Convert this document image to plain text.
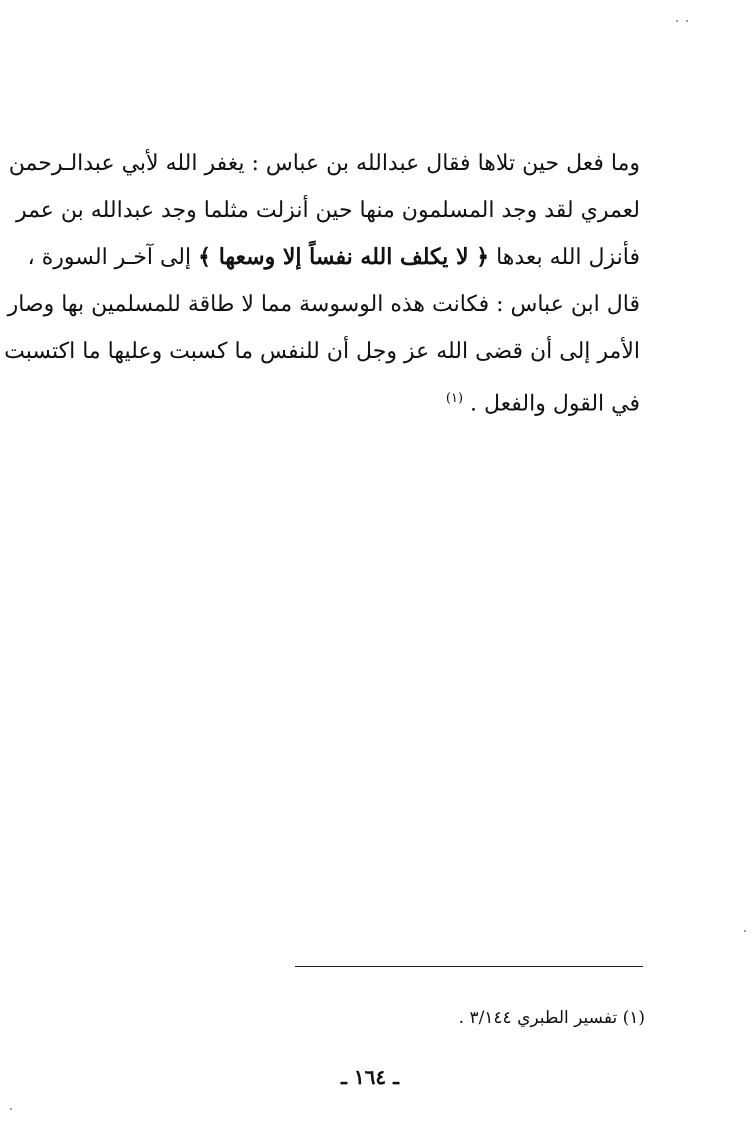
وما فعل حين تلاها فقال عبدالله بن عباس : يغفر الله لأبي عبدالـرحمن
لعمري لقد وجد المسلمون منها حين أنزلت مثلما وجد عبدالله بن عمر
فأنزل الله بعدها ﴿ لا يكلف الله نفساً إلا وسعها ﴾ إلى آخـر السورة ،
قال ابن عباس : فكانت هذه الوسوسة مما لا طاقة للمسلمين بها وصار
الأمر إلى أن قضى الله عز وجل أن للنفس ما كسبت وعليها ما اكتسبت
في القول والفعل . $^{(١)}$
(١) تفسير الطبري ٣/١٤٤ .
ـ ١٦٤ ـ
